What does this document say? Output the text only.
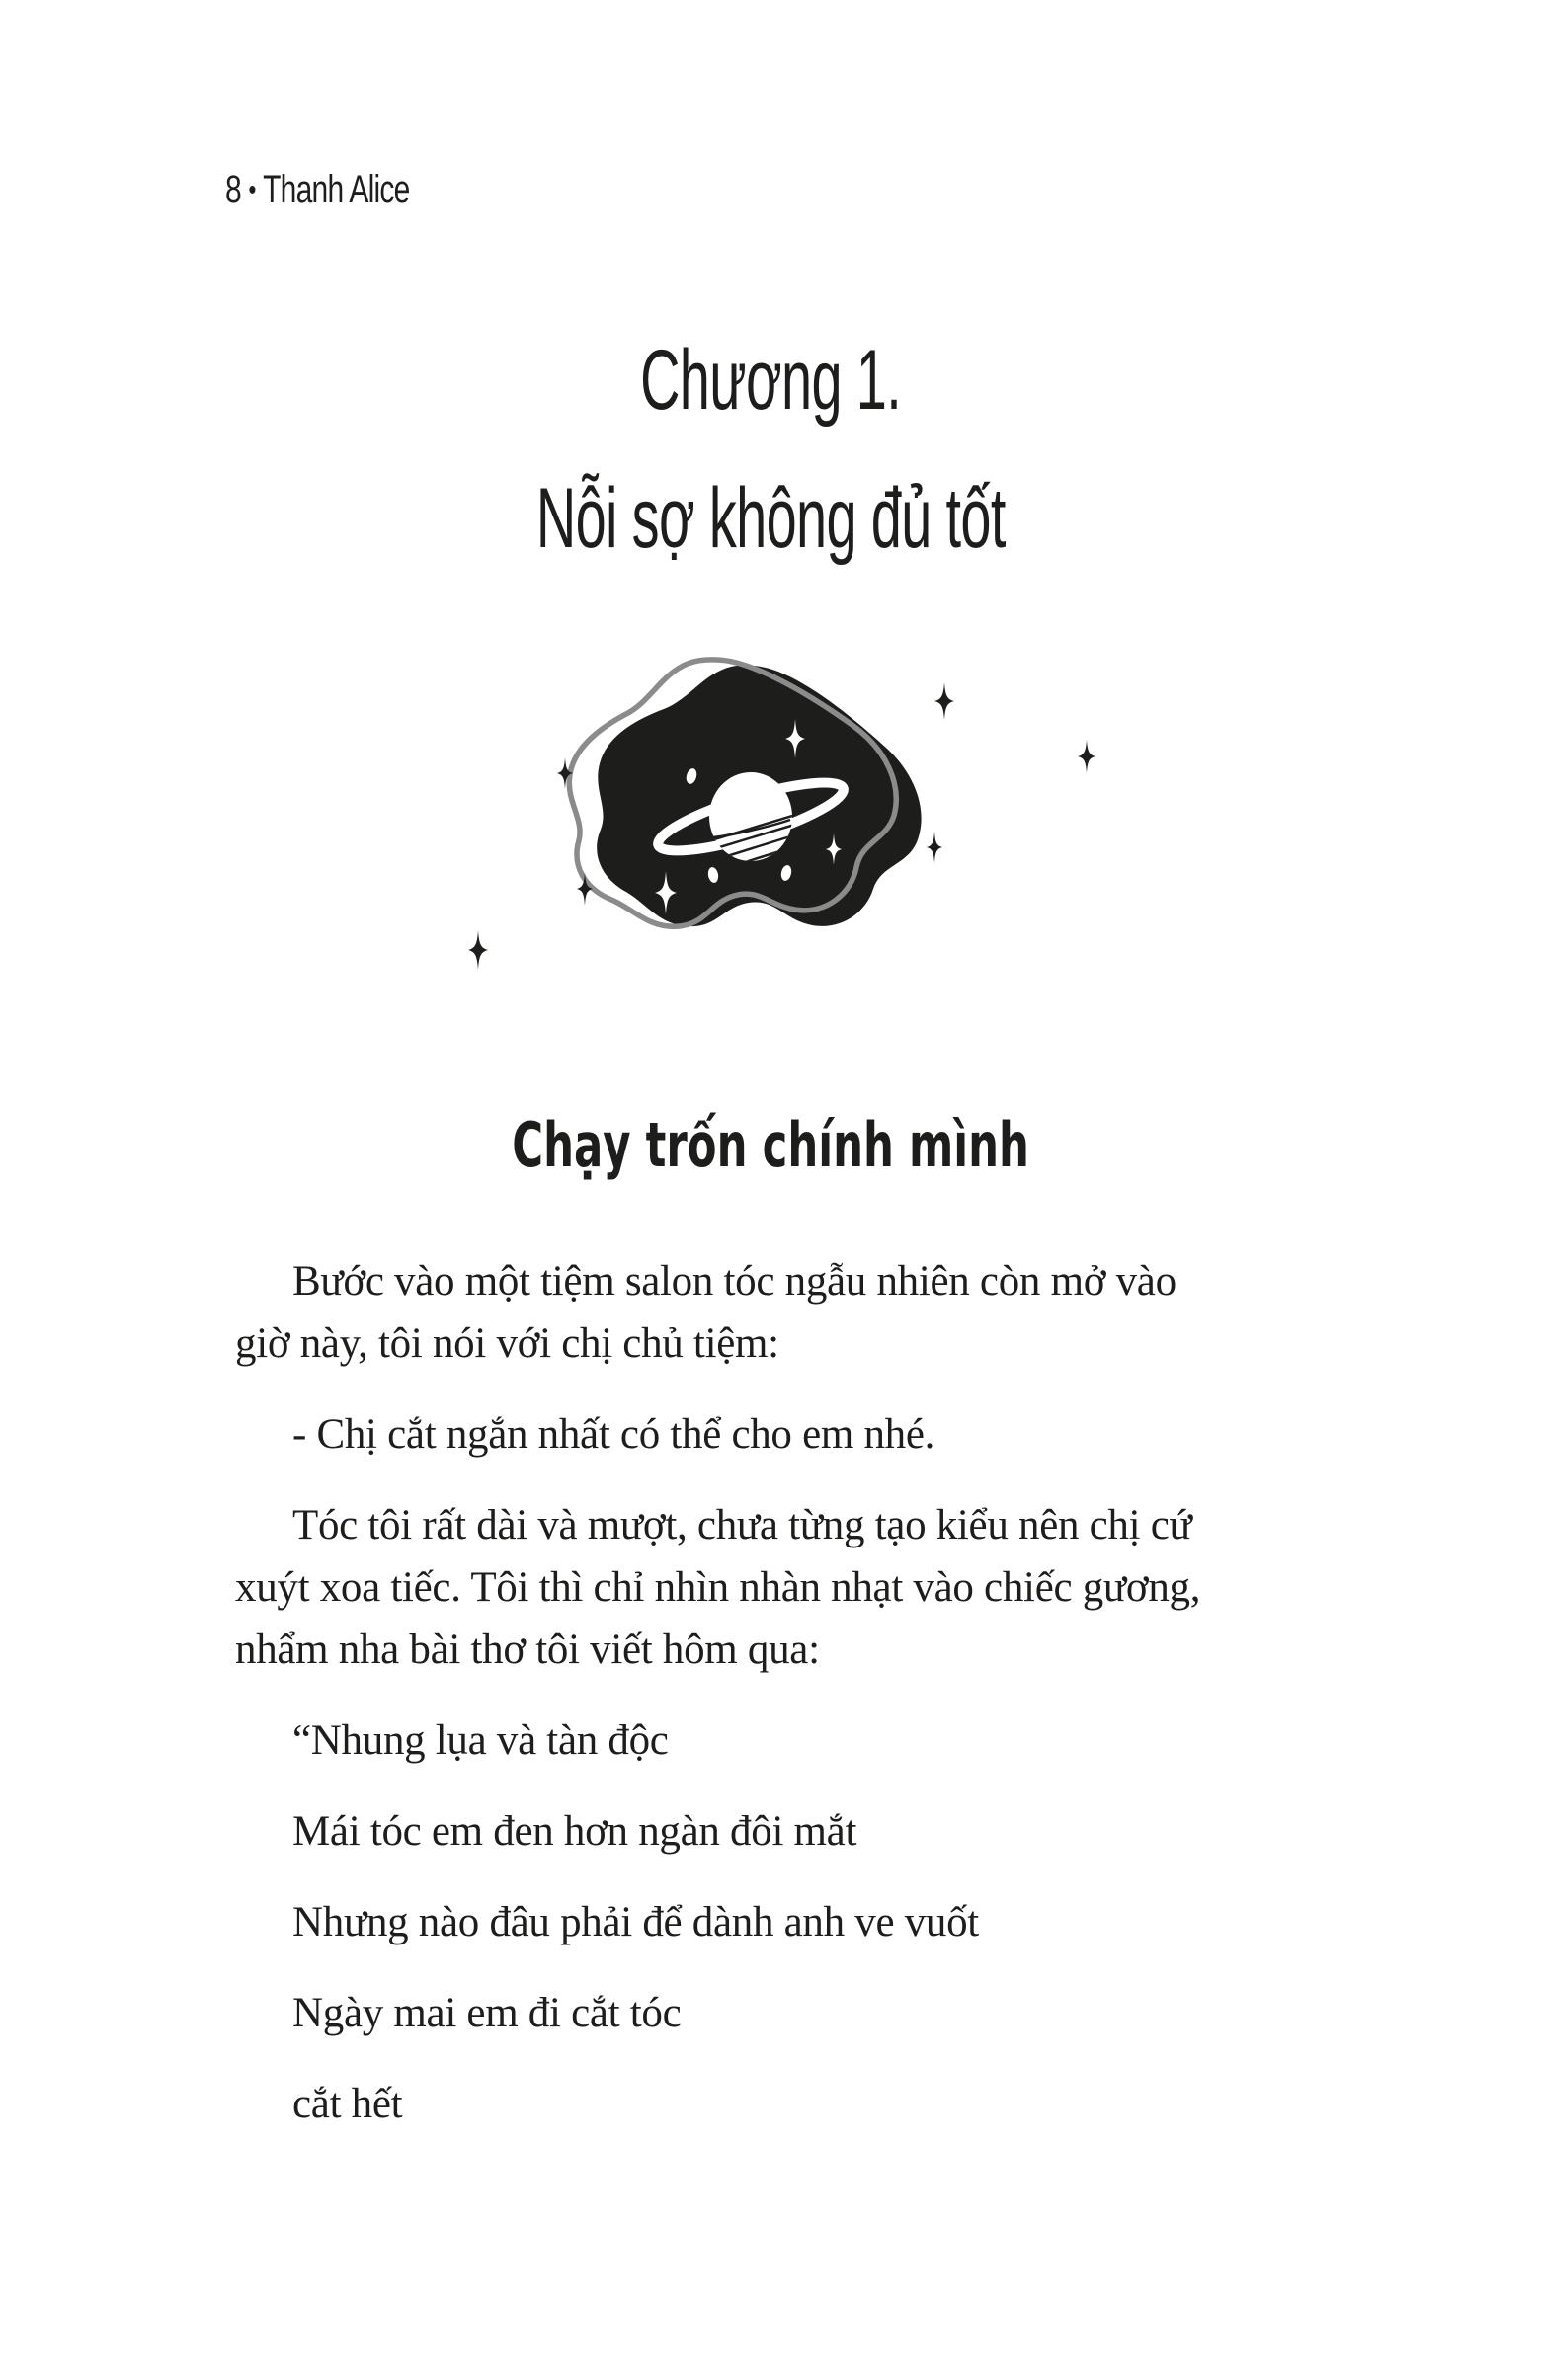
8 • Thanh Alice
Chương 1.
Nỗi sợ không đủ tốt
Chạy trốn chính mình

Bước vào một tiệm salon tóc ngẫu nhiên còn mở vào
giờ này, tôi nói với chị chủ tiệm:

- Chị cắt ngắn nhất có thể cho em nhé.

Tóc tôi rất dài và mượt, chưa từng tạo kiểu nên chị cứ
xuýt xoa tiếc. Tôi thì chỉ nhìn nhàn nhạt vào chiếc gương,
nhẩm nha bài thơ tôi viết hôm qua:

“Nhung lụa và tàn độc

Mái tóc em đen hơn ngàn đôi mắt

Nhưng nào đâu phải để dành anh ve vuốt

Ngày mai em đi cắt tóc

cắt hết
